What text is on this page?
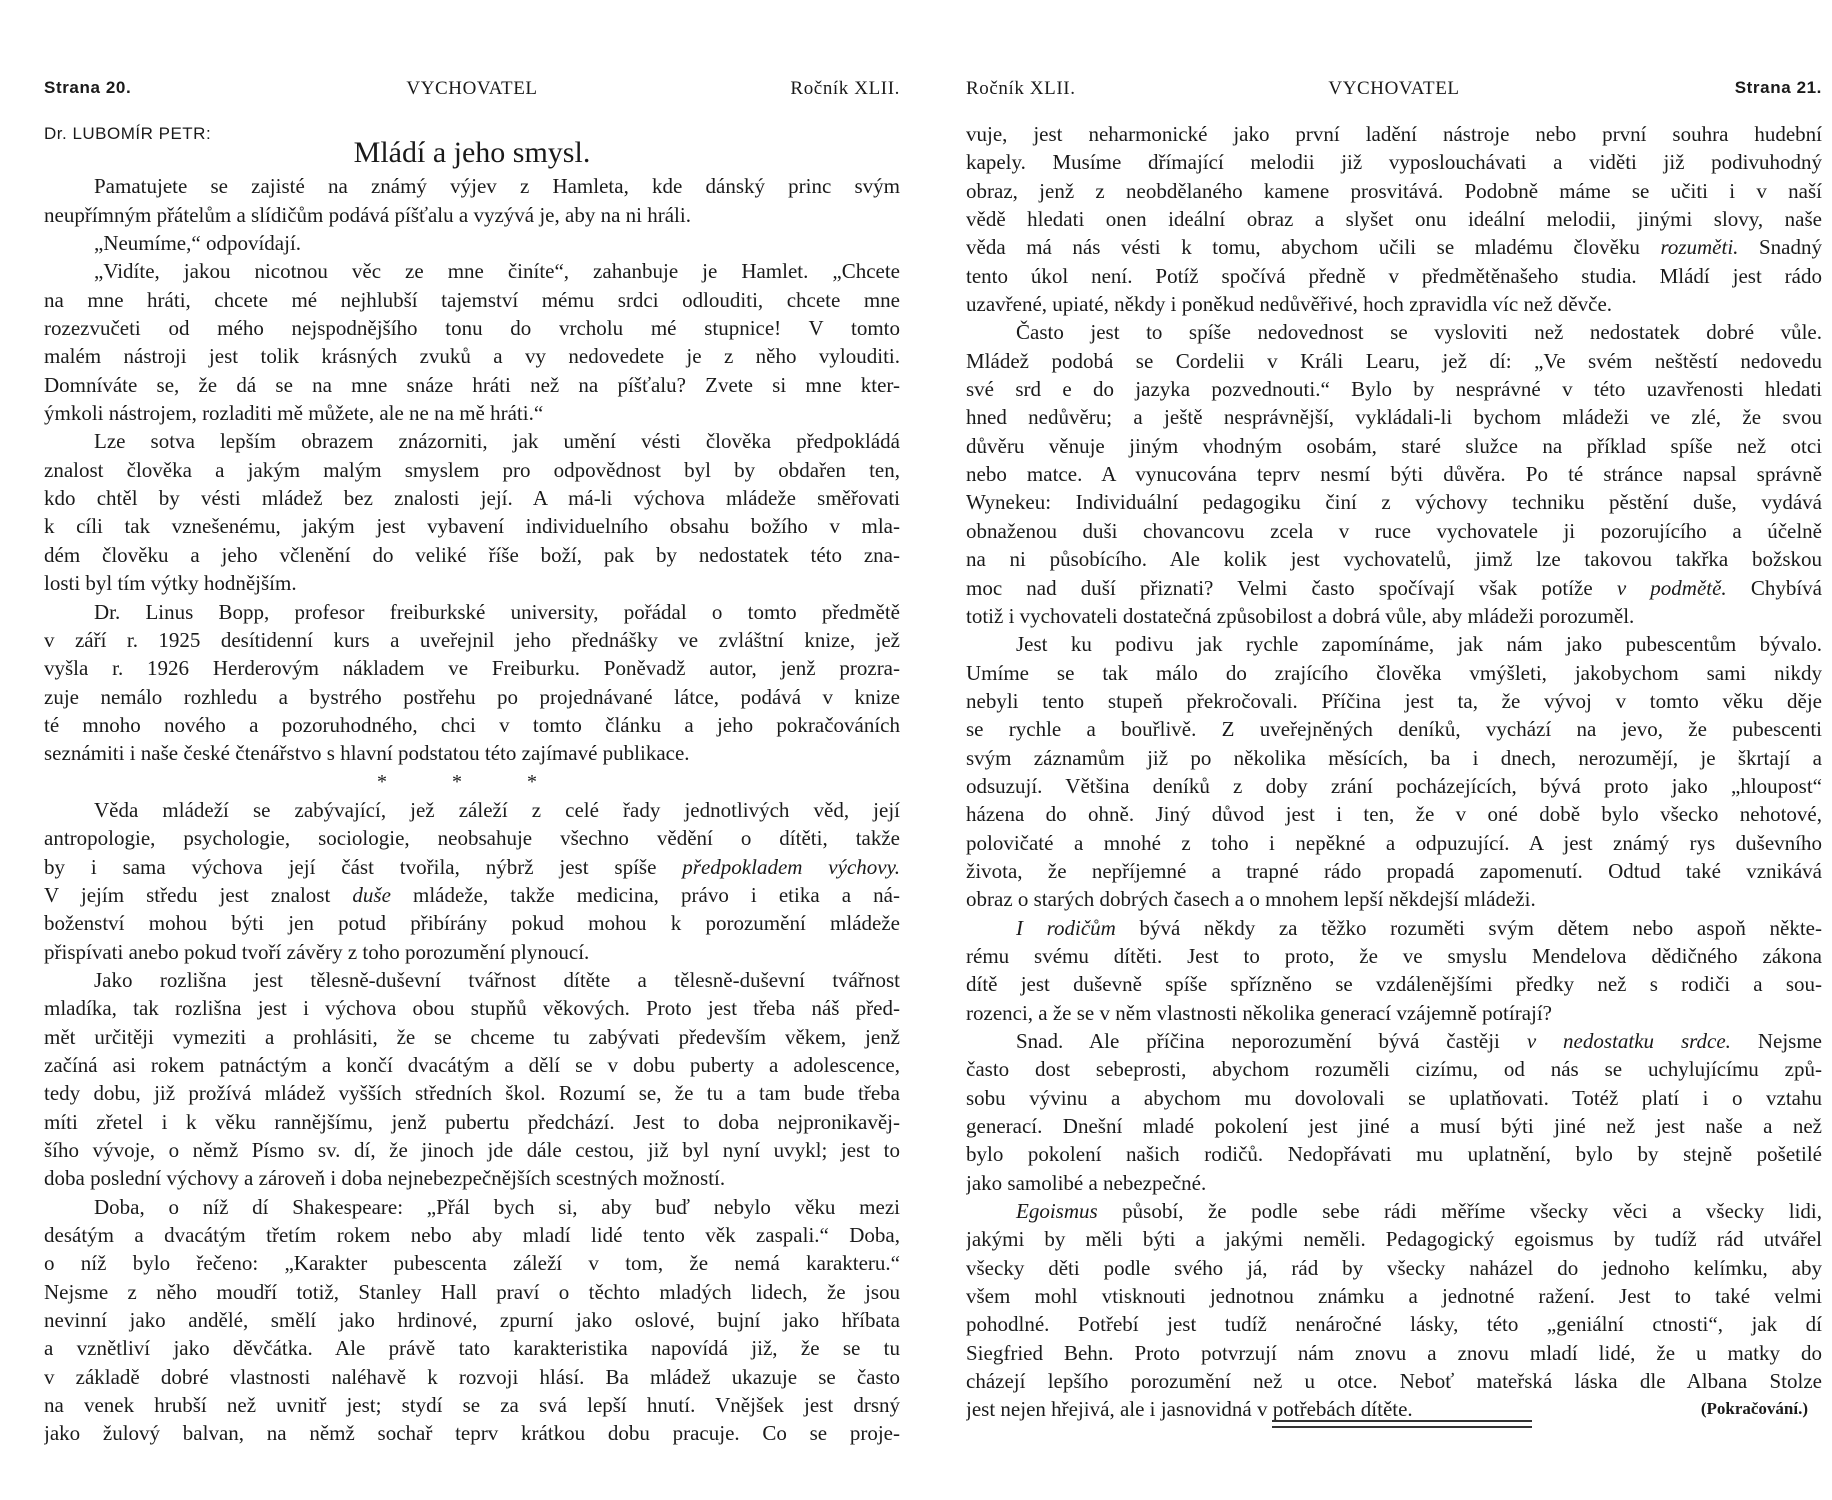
Strana 20.	VYCHOVATEL	Ročník XLII.
Dr. LUBOMÍR PETR:
Mládí a jeho smysl.
Pamatujete se zajisté na známý výjev z Hamleta, kde dánský princ svým
neupřímným přátelům a slídičům podává píšťalu a vyzývá je, aby na ni hráli.
„Neumíme,“ odpovídají.
„Vidíte, jakou nicotnou věc ze mne činíte“, zahanbuje je Hamlet. „Chcete
na mne hráti, chcete mé nejhlubší tajemství mému srdci odlouditi, chcete mne
rozezvučeti od mého nejspodnějšího tonu do vrcholu mé stupnice! V tomto
malém nástroji jest tolik krásných zvuků a vy nedovedete je z něho vylouditi.
Domníváte se, že dá se na mne snáze hráti než na píšťalu? Zvete si mne kter-
ýmkoli nástrojem, rozladiti mě můžete, ale ne na mě hráti.“
Lze sotva lepším obrazem znázorniti, jak umění vésti člověka předpokládá
znalost člověka a jakým malým smyslem pro odpovědnost byl by obdařen ten,
kdo chtěl by vésti mládež bez znalosti její. A má-li výchova mládeže směřovati
k cíli tak vznešenému, jakým jest vybavení individuelního obsahu božího v mla-
dém člověku a jeho včlenění do veliké říše boží, pak by nedostatek této zna-
losti byl tím výtky hodnějším.
Dr. Linus Bopp, profesor freiburkské university, pořádal o tomto předmětě
v září r. 1925 desítidenní kurs a uveřejnil jeho přednášky ve zvláštní knize, jež
vyšla r. 1926 Herderovým nákladem ve Freiburku. Poněvadž autor, jenž prozra-
zuje nemálo rozhledu a bystrého postřehu po projednávané látce, podává v knize
té mnoho nového a pozoruhodného, chci v tomto článku a jeho pokračováních
seznámiti i naše české čtenářstvo s hlavní podstatou této zajímavé publikace.
* * *
Věda mládeží se zabývající, jež záleží z celé řady jednotlivých věd, její
antropologie, psychologie, sociologie, neobsahuje všechno vědění o dítěti, takže
by i sama výchova její část tvořila, nýbrž jest spíše předpokladem výchovy.
V jejím středu jest znalost duše mládeže, takže medicina, právo i etika a ná-
boženství mohou býti jen potud přibírány pokud mohou k porozumění mládeže
přispívati anebo pokud tvoří závěry z toho porozumění plynoucí.
Jako rozlišna jest tělesně-duševní tvářnost dítěte a tělesně-duševní tvářnost
mladíka, tak rozlišna jest i výchova obou stupňů věkových. Proto jest třeba náš před-
mět určitěji vymeziti a prohlásiti, že se chceme tu zabývati především věkem, jenž
začíná asi rokem patnáctým a končí dvacátým a dělí se v dobu puberty a adolescence,
tedy dobu, již prožívá mládež vyšších středních škol. Rozumí se, že tu a tam bude třeba
míti zřetel i k věku rannějšímu, jenž pubertu předchází. Jest to doba nejpronikavěj-
šího vývoje, o němž Písmo sv. dí, že jinoch jde dále cestou, již byl nyní uvykl; jest to
doba poslední výchovy a zároveň i doba nejnebezpečnějších scestných možností.
Doba, o níž dí Shakespeare: „Přál bych si, aby buď nebylo věku mezi
desátým a dvacátým třetím rokem nebo aby mladí lidé tento věk zaspali.“ Doba,
o níž bylo řečeno: „Karakter pubescenta záleží v tom, že nemá karakteru.“
Nejsme z něho moudří totiž, Stanley Hall praví o těchto mladých lidech, že jsou
nevinní jako andělé, smělí jako hrdinové, zpurní jako oslové, bujní jako hříbata
a vznětliví jako děvčátka. Ale právě tato karakteristika napovídá již, že se tu
v základě dobré vlastnosti naléhavě k rozvoji hlásí. Ba mládež ukazuje se často
na venek hrubší než uvnitř jest; stydí se za svá lepší hnutí. Vnějšek jest drsný
jako žulový balvan, na němž sochař teprv krátkou dobu pracuje. Co se proje-
Ročník XLII.	VYCHOVATEL	Strana 21.
vuje, jest neharmonické jako první ladění nástroje nebo první souhra hudební
kapely. Musíme dřímající melodii již vyposlouchávati a viděti již podivuhodný
obraz, jenž z neobdělaného kamene prosvitává. Podobně máme se učiti i v naší
vědě hledati onen ideální obraz a slyšet onu ideální melodii, jinými slovy, naše
věda má nás vésti k tomu, abychom učili se mladému člověku rozuměti. Snadný
tento úkol není. Potíž spočívá předně v předmětěnašeho studia. Mládí jest rádo
uzavřené, upiaté, někdy i poněkud nedůvěřivé, hoch zpravidla víc než děvče.
Často jest to spíše nedovednost se vysloviti než nedostatek dobré vůle.
Mládež podobá se Cordelii v Králi Learu, jež dí: „Ve svém neštěstí nedovedu
své srd e do jazyka pozvednouti.“ Bylo by nesprávné v této uzavřenosti hledati
hned nedůvěru; a ještě nesprávnější, vykládali-li bychom mládeži ve zlé, že svou
důvěru věnuje jiným vhodným osobám, staré služce na příklad spíše než otci
nebo matce. A vynucována teprv nesmí býti důvěra. Po té stránce napsal správně
Wynekeu: Individuální pedagogiku činí z výchovy techniku pěstění duše, vydává
obnaženou duši chovancovu zcela v ruce vychovatele ji pozorujícího a účelně
na ni působícího. Ale kolik jest vychovatelů, jimž lze takovou takřka božskou
moc nad duší přiznati? Velmi často spočívají však potíže v podmětě. Chybívá
totiž i vychovateli dostatečná způsobilost a dobrá vůle, aby mládeži porozuměl.
Jest ku podivu jak rychle zapomínáme, jak nám jako pubescentům bývalo.
Umíme se tak málo do zrajícího člověka vmýšleti, jakobychom sami nikdy
nebyli tento stupeň překročovali. Příčina jest ta, že vývoj v tomto věku děje
se rychle a bouřlivě. Z uveřejněných deníků, vychází na jevo, že pubescenti
svým záznamům již po několika měsících, ba i dnech, nerozumějí, je škrtají a
odsuzují. Většina deníků z doby zrání pocházejících, bývá proto jako „hloupost“
házena do ohně. Jiný důvod jest i ten, že v oné době bylo všecko nehotové,
polovičaté a mnohé z toho i nepěkné a odpuzující. A jest známý rys duševního
života, že nepříjemné a trapné rádo propadá zapomenutí. Odtud také vznikává
obraz o starých dobrých časech a o mnohem lepší někdejší mládeži.
I rodičům bývá někdy za těžko rozuměti svým dětem nebo aspoň někte-
rému svému dítěti. Jest to proto, že ve smyslu Mendelova dědičného zákona
dítě jest duševně spíše spřízněno se vzdálenějšími předky než s rodiči a sou-
rozenci, a že se v něm vlastnosti několika generací vzájemně potírají?
Snad. Ale příčina neporozumění bývá častěji v nedostatku srdce. Nejsme
často dost sebeprosti, abychom rozuměli cizímu, od nás se uchylujícímu způ-
sobu vývinu a abychom mu dovolovali se uplatňovati. Totéž platí i o vztahu
generací. Dnešní mladé pokolení jest jiné a musí býti jiné než jest naše a než
bylo pokolení našich rodičů. Nedopřávati mu uplatnění, bylo by stejně pošetilé
jako samolibé a nebezpečné.
Egoismus působí, že podle sebe rádi měříme všecky věci a všecky lidi,
jakými by měli býti a jakými neměli. Pedagogický egoismus by tudíž rád utvářel
všecky děti podle svého já, rád by všecky naházel do jednoho kelímku, aby
všem mohl vtisknouti jednotnou známku a jednotné ražení. Jest to také velmi
pohodlné. Potřebí jest tudíž nenáročné lásky, této „geniální ctnosti“, jak dí
Siegfried Behn. Proto potvrzují nám znovu a znovu mladí lidé, že u matky do
cházejí lepšího porozumění než u otce. Neboť mateřská láska dle Albana Stolze
jest nejen hřejivá, ale i jasnovidná v potřebách dítěte.	(Pokračování.)
